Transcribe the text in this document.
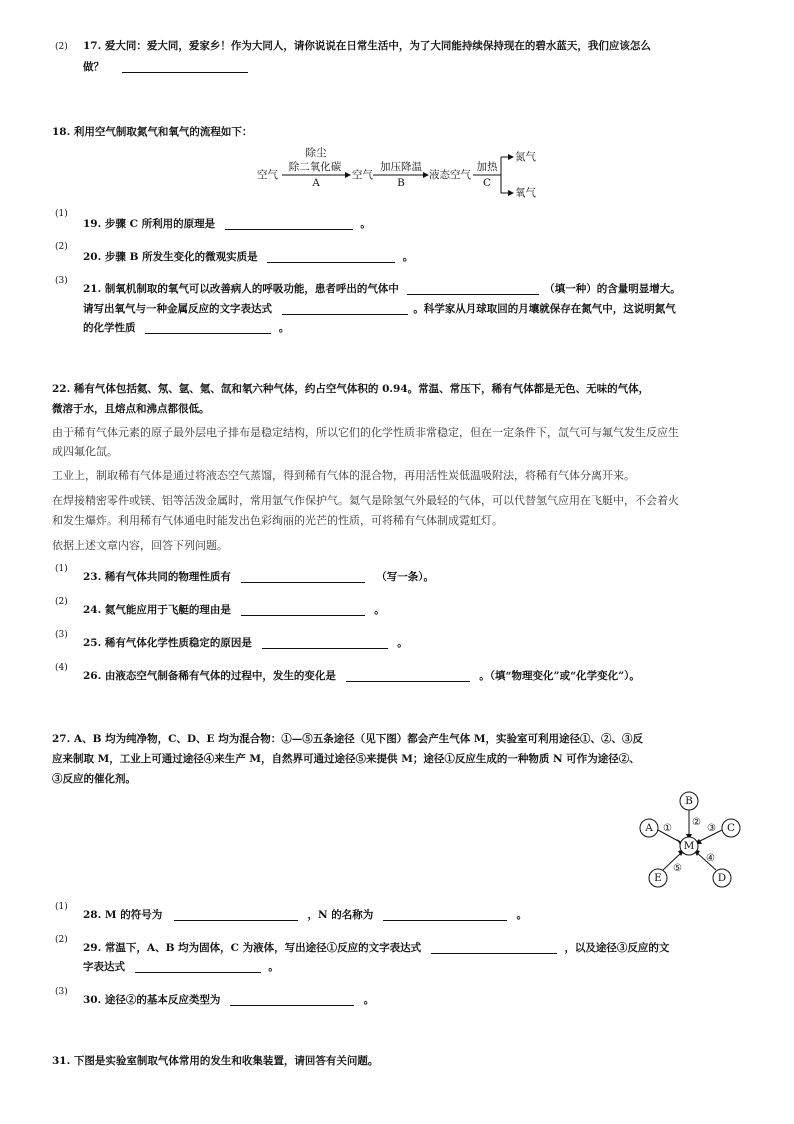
(2) 17. 爱大同：爱大同，爱家乡！作为大同人，请你说说在日常生活中，为了大同能持续保持现在的碧水蓝天，我们应该怎么
做？
18. 利用空气制取氮气和氧气的流程如下：
空气
除尘
除二氧化碳
A
空气
加压降温
B
液态空气
加热
C
氮气
氧气
(1)
19. 步骤 C 所利用的原理是	。
(2)
20. 步骤 B 所发生变化的微观实质是	。
(3)
21. 制氧机制取的氧气可以改善病人的呼吸功能，患者呼出的气体中	（填一种）的含量明显增大。
请写出氧气与一种金属反应的文字表达式	。科学家从月球取回的月壤就保存在氮气中，这说明氮气
的化学性质	。
22. 稀有气体包括氦、氖、氩、氪、氙和氡六种气体，约占空气体积的 0.94。常温、常压下，稀有气体都是无色、无味的气体，
微溶于水，且熔点和沸点都很低。
由于稀有气体元素的原子最外层电子排布是稳定结构，所以它们的化学性质非常稳定，但在一定条件下，氙气可与氟气发生反应生
成四氟化氙。
工业上，制取稀有气体是通过将液态空气蒸馏，得到稀有气体的混合物，再用活性炭低温吸附法，将稀有气体分离开来。
在焊接精密零件或镁、铝等活泼金属时，常用氩气作保护气。氦气是除氢气外最轻的气体，可以代替氢气应用在飞艇中，不会着火
和发生爆炸。利用稀有气体通电时能发出色彩绚丽的光芒的性质，可将稀有气体制成霓虹灯。
依据上述文章内容，回答下列问题。
(1)
23. 稀有气体共同的物理性质有	（写一条）。
(2)
24. 氦气能应用于飞艇的理由是	。
(3)
25. 稀有气体化学性质稳定的原因是	。
(4)
26. 由液态空气制备稀有气体的过程中，发生的变化是	。（填“物理变化”或“化学变化”）。
27. A、B 均为纯净物，C、D、E 均为混合物：①—⑤五条途径（见下图）都会产生气体 M，实验室可利用途径①、②、③反
应来制取 M，工业上可通过途径④来生产 M，自然界可通过途径⑤来提供 M；途径①反应生成的一种物质 N 可作为途径②、
③反应的催化剂。
M
A
B
C
D
E
①
②
③
④
⑤
(1)
28. M 的符号为	，N 的名称为	。
(2)
29. 常温下，A、B 均为固体，C 为液体，写出途径①反应的文字表达式	，以及途径③反应的文
字表达式	。
(3)
30. 途径②的基本反应类型为	。
31. 下图是实验室制取气体常用的发生和收集装置，请回答有关问题。
